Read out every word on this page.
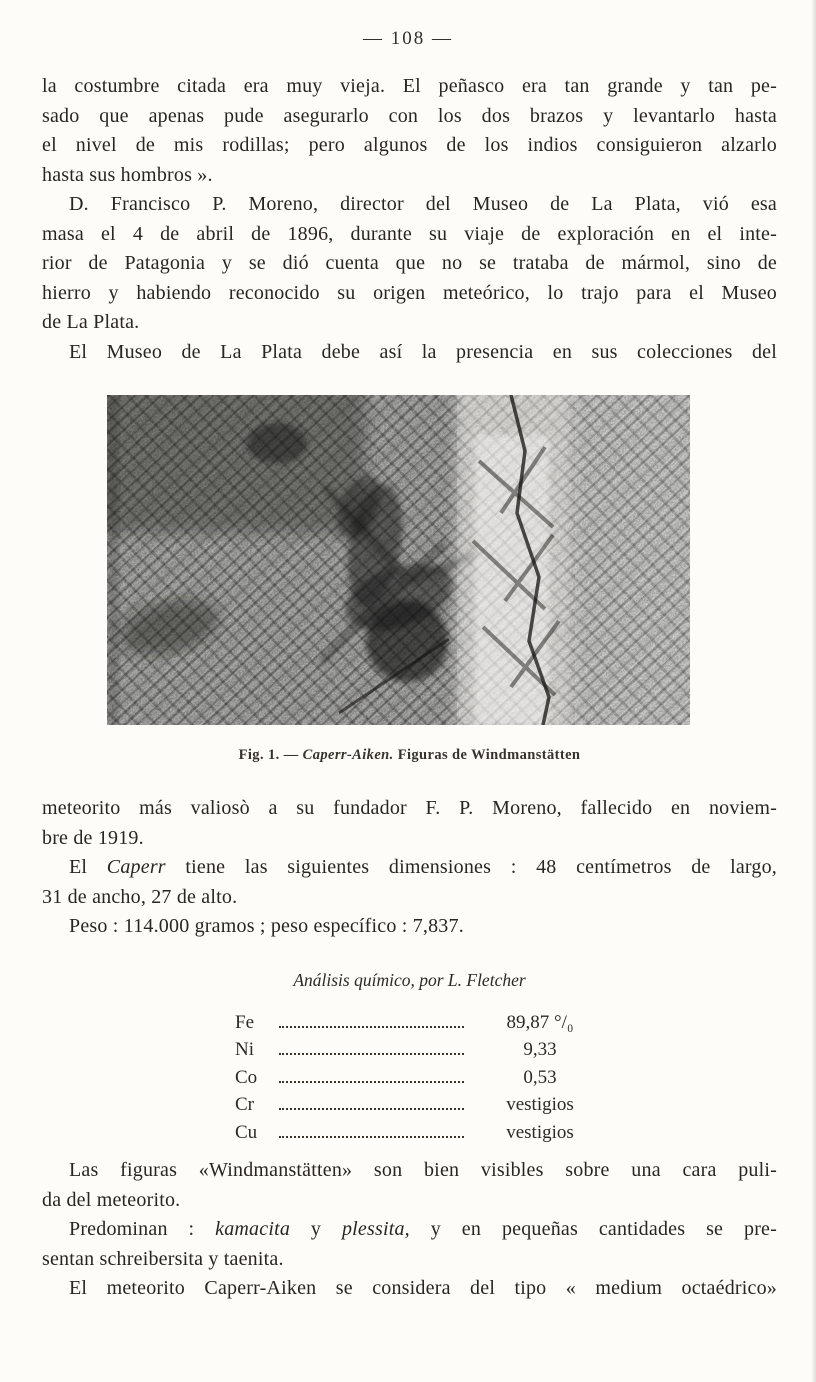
— 108 —
la costumbre citada era muy vieja. El peñasco era tan grande y tan pe-
sado que apenas pude asegurarlo con los dos brazos y levantarlo hasta
el nivel de mis rodillas; pero algunos de los indios consiguieron alzarlo
hasta sus hombros ».
D. Francisco P. Moreno, director del Museo de La Plata, vió esa
masa el 4 de abril de 1896, durante su viaje de exploración en el inte-
rior de Patagonia y se dió cuenta que no se trataba de mármol, sino de
hierro y habiendo reconocido su origen meteórico, lo trajo para el Museo
de La Plata.
El Museo de La Plata debe así la presencia en sus colecciones del
Fig. 1. — Caperr-Aiken. Figuras de Windmanstätten
meteorito más valiosò a su fundador F. P. Moreno, fallecido en noviem-
bre de 1919.
El Caperr tiene las siguientes dimensiones : 48 centímetros de largo,
31 de ancho, 27 de alto.
Peso : 114.000 gramos ; peso específico : 7,837.
Análisis químico, por L. Fletcher
Fe	89,87 °/₀
Ni	9,33
Co	0,53
Cr	vestigios
Cu	vestigios
Las figuras «Windmanstätten» son bien visibles sobre una cara puli-
da del meteorito.
Predominan : kamacita y plessita, y en pequeñas cantidades se pre-
sentan schreibersita y taenita.
El meteorito Caperr-Aiken se considera del tipo « medium octaédrico»
